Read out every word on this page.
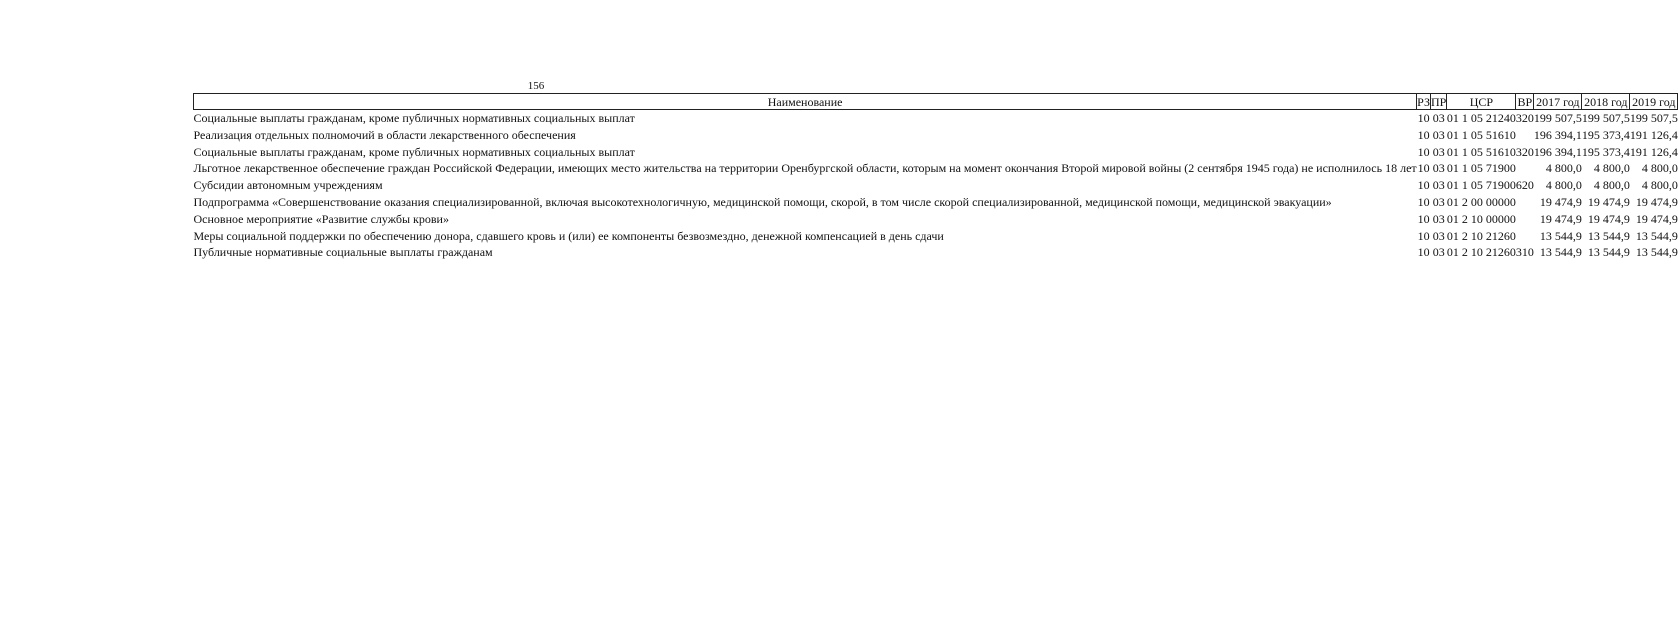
156
Наименование	РЗ	ПР	ЦСР	ВР	2017 год	2018 год	2019 год
Социальные выплаты гражданам, кроме публичных нормативных социальных выплат	10	03	01 1 05 21240	320	199 507,5	199 507,5	199 507,5
Реализация отдельных полномочий в области лекарственного обеспечения	10	03	01 1 05 51610		196 394,1	195 373,4	191 126,4
Социальные выплаты гражданам, кроме публичных нормативных социальных выплат	10	03	01 1 05 51610	320	196 394,1	195 373,4	191 126,4
Льготное лекарственное обеспечение граждан Российской Федерации, имеющих место жительства на территории Оренбургской области, которым на момент окончания Второй мировой войны (2 сентября 1945 года) не исполнилось 18 лет	10	03	01 1 05 71900		4 800,0	4 800,0	4 800,0
Субсидии автономным учреждениям	10	03	01 1 05 71900	620	4 800,0	4 800,0	4 800,0
Подпрограмма «Совершенствование оказания специализированной, включая высокотехнологичную, медицинской помощи, скорой, в том числе скорой специализированной, медицинской помощи, медицинской эвакуации»	10	03	01 2 00 00000		19 474,9	19 474,9	19 474,9
Основное мероприятие «Развитие службы крови»	10	03	01 2 10 00000		19 474,9	19 474,9	19 474,9
Меры социальной поддержки по обеспечению донора, сдавшего кровь и (или) ее компоненты безвозмездно, денежной компенсацией в день сдачи	10	03	01 2 10 21260		13 544,9	13 544,9	13 544,9
Публичные нормативные социальные выплаты гражданам	10	03	01 2 10 21260	310	13 544,9	13 544,9	13 544,9
